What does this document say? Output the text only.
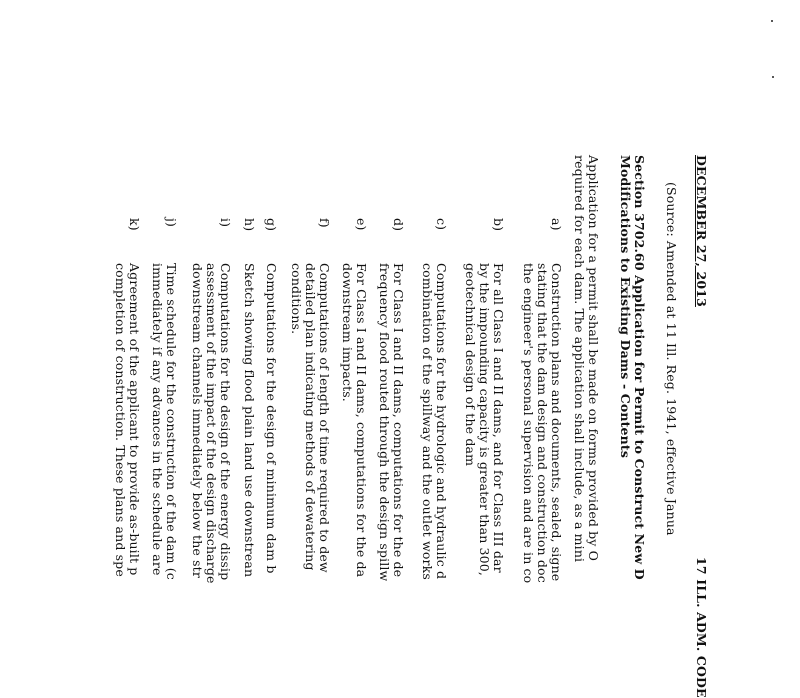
DECEMBER 27, 2013
17 ILL. ADM. CODE
(Source: Amended at 11 Ill. Reg. 1941, effective Janua
Section 3702.60 Application for Permit to Construct New D
Modifications to Existing Dams - Contents
Application for a permit shall be made on forms provided by O
required for each dam. The application shall include, as a mini
a)
Construction plans and documents, sealed, signe
stating that the dam design and construction doc
the engineer's personal supervision and are in co
b)
For all Class I and II dams, and for Class III dar
by the impounding capacity is greater than 300,
geotechnical design of the dam
c)
Computations for the hydrologic and hydraulic d
combination of the spillway and the outlet works
d)
For Class I and II dams, computations for the de
frequency flood routed through the design spillw
e)
For Class I and II dams, computations for the da
downstream impacts.
f)
Computations of length of time required to dew
detailed plan indicating methods of dewatering
conditions.
g)
Computations for the design of minimum dam b
h)
Sketch showing flood plain land use downstrean
i)
Computations for the design of the energy dissip
assessment of the impact of the design discharge
downstream channels immediately below the str
j)
Time schedule for the construction of the dam (c
immediately if any advances in the schedule are
k)
Agreement of the applicant to provide as-built p
completion of construction. These plans and spe
